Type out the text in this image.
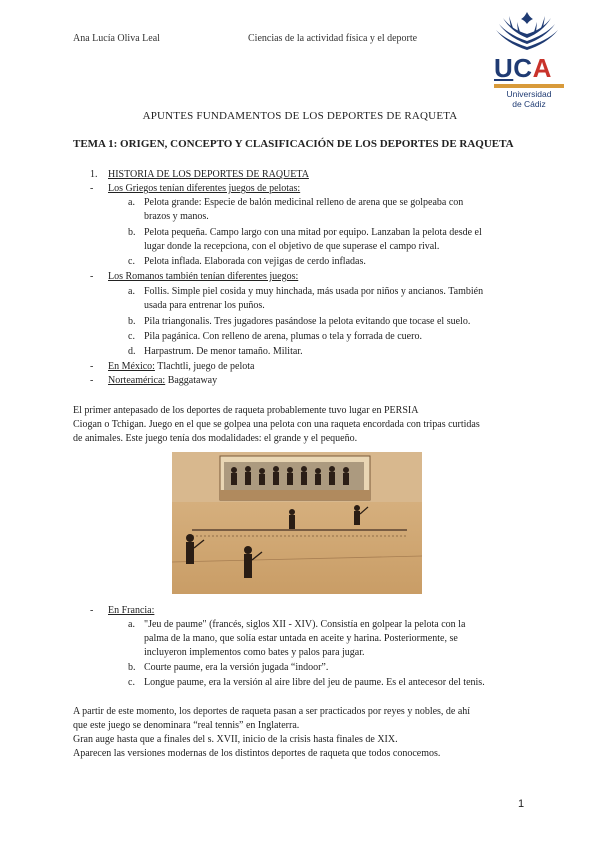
Ana Lucía Oliva Leal	Ciencias de la actividad física y el deporte
UCA
Universidad
de Cádiz
APUNTES FUNDAMENTOS DE LOS DEPORTES DE RAQUETA
TEMA 1: ORIGEN, CONCEPTO Y CLASIFICACIÓN DE LOS DEPORTES DE RAQUETA
1. HISTORIA DE LOS DEPORTES DE RAQUETA
- Los Griegos tenían diferentes juegos de pelotas:
a. Pelota grande: Especie de balón medicinal relleno de arena que se golpeaba con
brazos y manos.
b. Pelota pequeña. Campo largo con una mitad por equipo. Lanzaban la pelota desde el
lugar donde la recepciona, con el objetivo de que superase el campo rival.
c. Pelota inflada. Elaborada con vejigas de cerdo infladas.
- Los Romanos también tenían diferentes juegos:
a. Follis. Simple piel cosida y muy hinchada, más usada por niños y ancianos. También
usada para entrenar los puños.
b. Pila triangonalis. Tres jugadores pasándose la pelota evitando que tocase el suelo.
c. Pila pagánica. Con relleno de arena, plumas o tela y forrada de cuero.
d. Harpastrum. De menor tamaño. Militar.
- En México: Tlachtli, juego de pelota
- Norteamérica: Baggataway
El primer antepasado de los deportes de raqueta probablemente tuvo lugar en PERSIA
Ciogan o Tchigan. Juego en el que se golpea una pelota con una raqueta encordada con tripas curtidas
de animales. Este juego tenía dos modalidades: el grande y el pequeño.
- En Francia:
a. "Jeu de paume" (francés, siglos XII - XIV). Consistía en golpear la pelota con la
palma de la mano, que solía estar untada en aceite y harina. Posteriormente, se
incluyeron implementos como bates y palos para jugar.
b. Courte paume, era la versión jugada “indoor”.
c. Longue paume, era la versión al aire libre del jeu de paume. Es el antecesor del tenis.
A partir de este momento, los deportes de raqueta pasan a ser practicados por reyes y nobles, de ahí
que este juego se denominara “real tennis” en Inglaterra.
Gran auge hasta que a finales del s. XVII, inicio de la crisis hasta finales de XIX.
Aparecen las versiones modernas de los distintos deportes de raqueta que todos conocemos.
1
